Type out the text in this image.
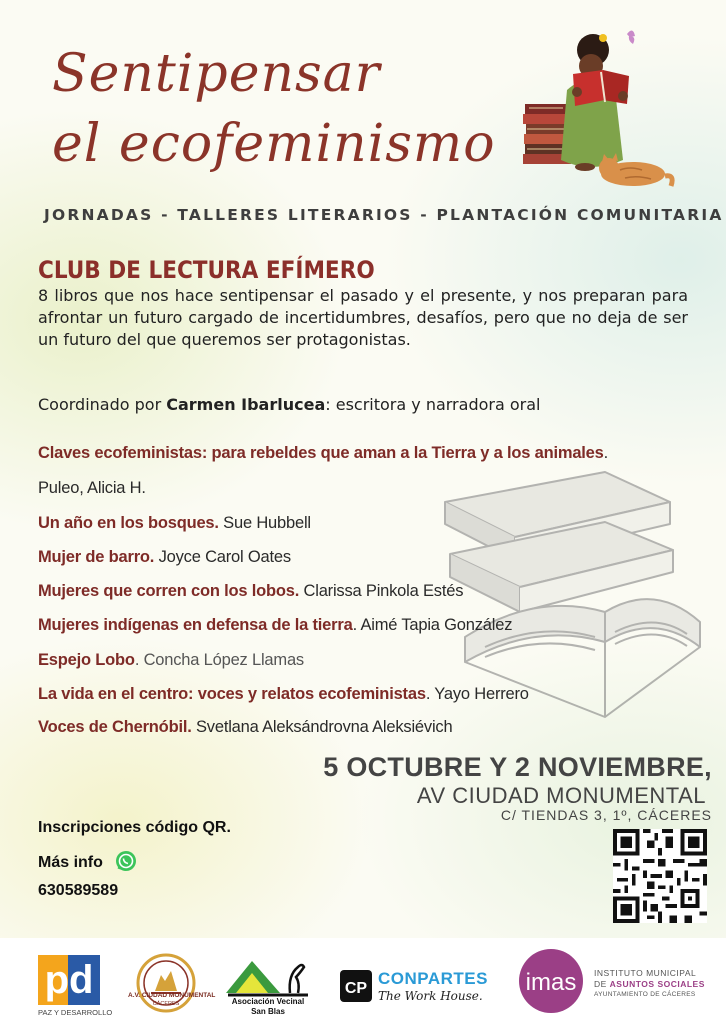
Sentipensar
el ecofeminismo
JORNADAS - TALLERES LITERARIOS - PLANTACIÓN COMUNITARIA
CLUB DE LECTURA EFÍMERO
8 libros que nos hace sentipensar el pasado y el presente, y nos preparan para afrontar un futuro cargado de incertidumbres, desafíos, pero que no deja de ser un futuro del que queremos ser protagonistas.
Coordinado por Carmen Ibarlucea: escritora y narradora oral
Claves ecofeministas: para rebeldes que aman a la Tierra y a los animales.
Puleo, Alicia H.
Un año en los bosques. Sue Hubbell
Mujer de barro. Joyce Carol Oates
Mujeres que corren con los lobos. Clarissa Pinkola Estés
Mujeres indígenas en defensa de la tierra. Aimé Tapia González
Espejo Lobo. Concha López Llamas
La vida en el centro: voces y relatos ecofeministas. Yayo Herrero
Voces de Chernóbil. Svetlana Aleksándrovna Aleksiévich
5 OCTUBRE Y 2 NOVIEMBRE,
AV CIUDAD MONUMENTAL
C/ TIENDAS 3, 1º, CÁCERES
Inscripciones código QR.
Más info
630589589
pd
PAZ Y DESARROLLO
A.V. CIUDAD MONUMENTAL
CÁCERES	Asociación Vecinal
San Blas
CP
CONPARTES
The Work House. imas INSTITUTO MUNICIPAL
DE ASUNTOS SOCIALES
AYUNTAMIENTO DE CÁCERES
